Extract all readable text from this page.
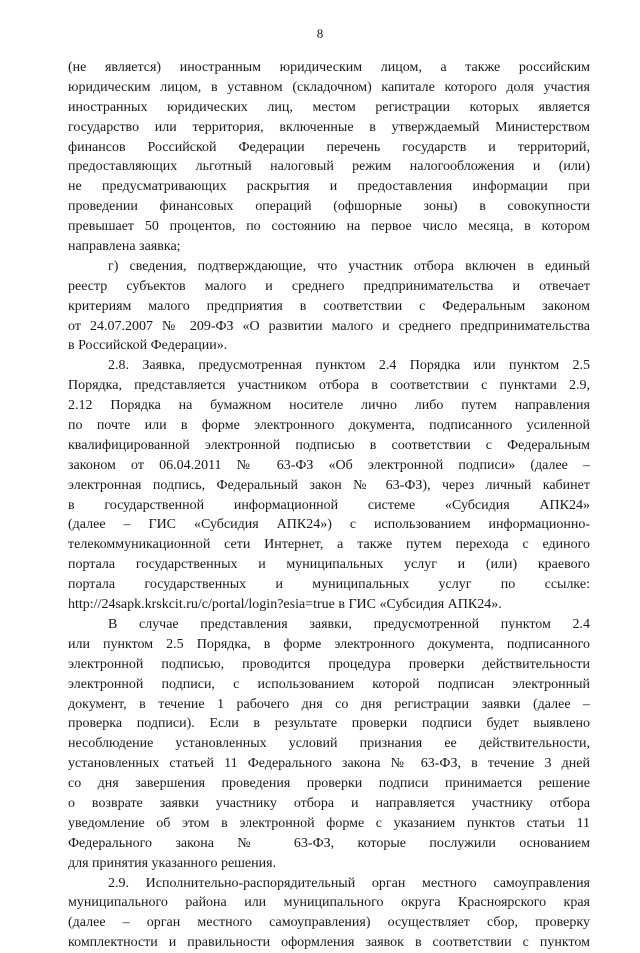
8
(не является) иностранным юридическим лицом, а также российским
юридическим лицом, в уставном (складочном) капитале которого доля участия
иностранных юридических лиц, местом регистрации которых является
государство или территория, включенные в утверждаемый Министерством
финансов Российской Федерации перечень государств и территорий,
предоставляющих льготный налоговый режим налогообложения и (или)
не предусматривающих раскрытия и предоставления информации при
проведении финансовых операций (офшорные зоны) в совокупности
превышает 50 процентов, по состоянию на первое число месяца, в котором
направлена заявка;
г) сведения, подтверждающие, что участник отбора включен в единый
реестр субъектов малого и среднего предпринимательства и отвечает
критериям малого предприятия в соответствии с Федеральным законом
от 24.07.2007 № 209-ФЗ «О развитии малого и среднего предпринимательства
в Российской Федерации».
2.8. Заявка, предусмотренная пунктом 2.4 Порядка или пунктом 2.5
Порядка, представляется участником отбора в соответствии с пунктами 2.9,
2.12 Порядка на бумажном носителе лично либо путем направления
по почте или в форме электронного документа, подписанного усиленной
квалифицированной электронной подписью в соответствии с Федеральным
законом от 06.04.2011 № 63-ФЗ «Об электронной подписи» (далее –
электронная подпись, Федеральный закон № 63-ФЗ), через личный кабинет
в государственной информационной системе «Субсидия АПК24»
(далее – ГИС «Субсидия АПК24») с использованием информационно-
телекоммуникационной сети Интернет, а также путем перехода с единого
портала государственных и муниципальных услуг и (или) краевого
портала государственных и муниципальных услуг по ссылке:
http://24sapk.krskcit.ru/c/portal/login?esia=true в ГИС «Субсидия АПК24».
В случае представления заявки, предусмотренной пунктом 2.4
или пунктом 2.5 Порядка, в форме электронного документа, подписанного
электронной подписью, проводится процедура проверки действительности
электронной подписи, с использованием которой подписан электронный
документ, в течение 1 рабочего дня со дня регистрации заявки (далее –
проверка подписи). Если в результате проверки подписи будет выявлено
несоблюдение установленных условий признания ее действительности,
установленных статьей 11 Федерального закона № 63-ФЗ, в течение 3 дней
со дня завершения проведения проверки подписи принимается решение
о возврате заявки участнику отбора и направляется участнику отбора
уведомление об этом в электронной форме с указанием пунктов статьи 11
Федерального закона № 63-ФЗ, которые послужили основанием
для принятия указанного решения.
2.9. Исполнительно-распорядительный орган местного самоуправления
муниципального района или муниципального округа Красноярского края
(далее – орган местного самоуправления) осуществляет сбор, проверку
комплектности и правильности оформления заявок в соответствии с пунктом
